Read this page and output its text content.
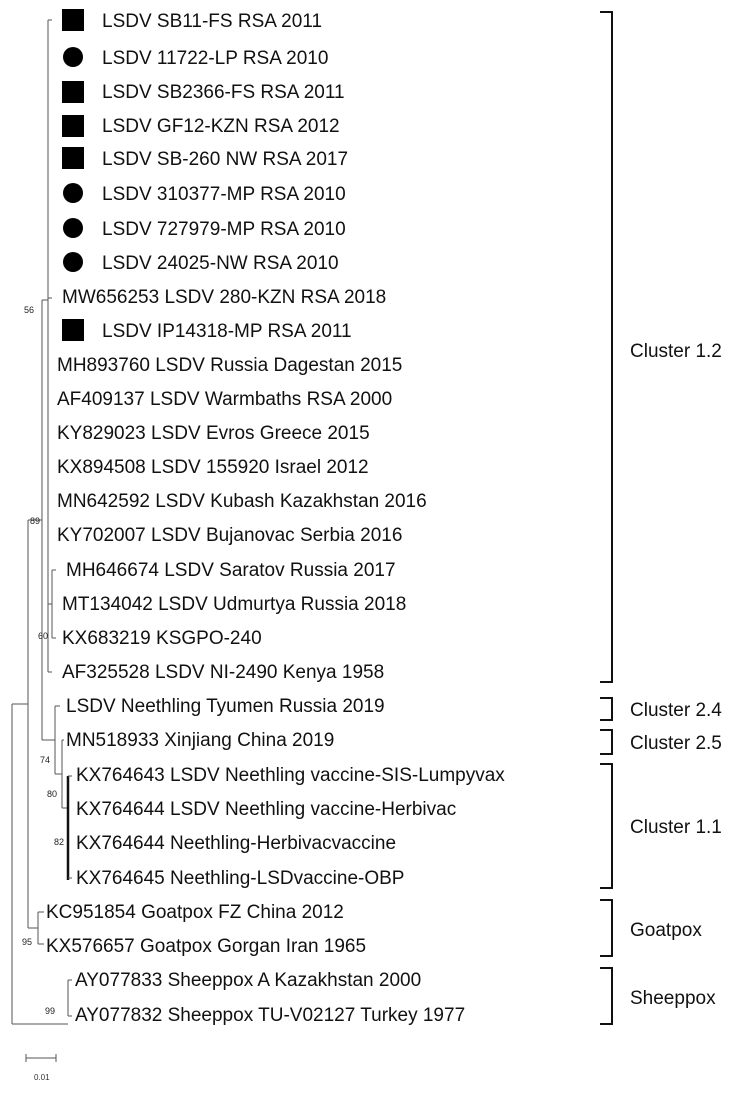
56
89
60
74
80
82
95
99
LSDV SB11-FS RSA 2011
LSDV 11722-LP RSA 2010
LSDV SB2366-FS RSA 2011
LSDV GF12-KZN RSA 2012
LSDV SB-260 NW RSA 2017
LSDV 310377-MP RSA 2010
LSDV 727979-MP RSA 2010
LSDV 24025-NW RSA 2010
MW656253 LSDV 280-KZN RSA 2018
LSDV IP14318-MP RSA 2011
MH893760 LSDV Russia Dagestan 2015
AF409137 LSDV Warmbaths RSA 2000
KY829023 LSDV Evros Greece 2015
KX894508 LSDV 155920 Israel 2012
MN642592 LSDV Kubash Kazakhstan 2016
KY702007 LSDV Bujanovac Serbia 2016
MH646674 LSDV Saratov Russia 2017
MT134042 LSDV Udmurtya Russia 2018
KX683219 KSGPO-240
AF325528 LSDV NI-2490 Kenya 1958
LSDV Neethling Tyumen Russia 2019
MN518933 Xinjiang China 2019
KX764643 LSDV Neethling vaccine-SIS-Lumpyvax
KX764644 LSDV Neethling vaccine-Herbivac
KX764644 Neethling-Herbivacvaccine
KX764645 Neethling-LSDvaccine-OBP
KC951854 Goatpox FZ China 2012
KX576657 Goatpox Gorgan Iran 1965
AY077833 Sheeppox A Kazakhstan 2000
AY077832 Sheeppox TU-V02127 Turkey 1977
Cluster 1.2
Cluster 2.4
Cluster 2.5
Cluster 1.1
Goatpox
Sheeppox
0.01
